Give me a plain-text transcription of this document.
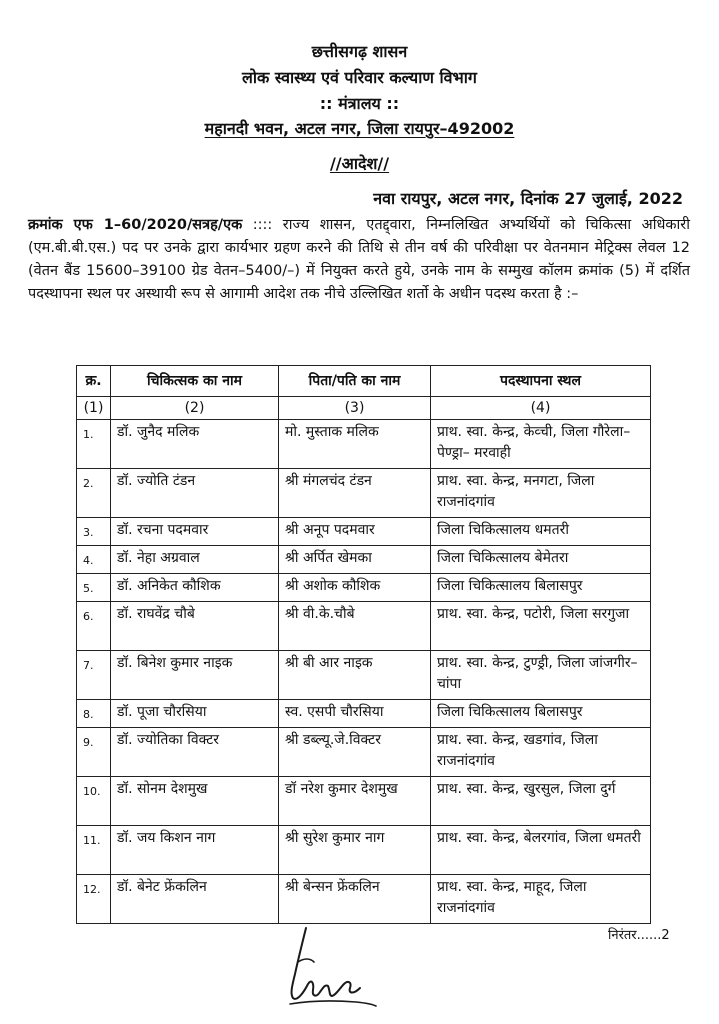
छत्तीसगढ़ शासन
लोक स्वास्थ्य एवं परिवार कल्याण विभाग
:: मंत्रालय ::
महानदी भवन, अटल नगर, जिला रायपुर–492002
//आदेश//
नवा रायपुर, अटल नगर, दिनांक 27 जुलाई, 2022

क्रमांक एफ 1–60/2020/सत्रह/एक :::: राज्य शासन, एतद्द्वारा, निम्नलिखित अभ्यर्थियों को चिकित्सा अधिकारी (एम.बी.बी.एस.) पद पर उनके द्वारा कार्यभार ग्रहण करने की तिथि से तीन वर्ष की परिवीक्षा पर वेतनमान मेट्रिक्स लेवल 12 (वेतन बैंड 15600–39100 ग्रेड वेतन–5400/–) में नियुक्त करते हुये, उनके नाम के सम्मुख कॉलम क्रमांक (5) में दर्शित पदस्थापना स्थल पर अस्थायी रूप से आगामी आदेश तक नीचे उल्लिखित शर्तो के अधीन पदस्थ करता है :–

क्र.	चिकित्सक का नाम	पिता/पति का नाम	पदस्थापना स्थल
(1)	(2)	(3)	(4)
1.	डॉ. जुनैद मलिक	मो. मुस्ताक मलिक	प्राथ. स्वा. केन्द्र, केव्ची, जिला गौरेला–पेण्ड्रा– मरवाही
2.	डॉ. ज्योति टंडन	श्री मंगलचंद टंडन	प्राथ. स्वा. केन्द्र, मनगटा, जिला राजनांदगांव
3.	डॉ. रचना पदमवार	श्री अनूप पदमवार	जिला चिकित्सालय धमतरी
4.	डॉ. नेहा अग्रवाल	श्री अर्पित खेमका	जिला चिकित्सालय बेमेतरा
5.	डॉ. अनिकेत कौशिक	श्री अशोक कौशिक	जिला चिकित्सालय बिलासपुर
6.	डॉ. राघवेंद्र चौबे	श्री वी.के.चौबे	प्राथ. स्वा. केन्द्र, पटोरी, जिला सरगुजा
7.	डॉ. बिनेश कुमार नाइक	श्री बी आर नाइक	प्राथ. स्वा. केन्द्र, टुण्ड्री, जिला जांजगीर–चांपा
8.	डॉ. पूजा चौरसिया	स्व. एसपी चौरसिया	जिला चिकित्सालय बिलासपुर
9.	डॉ. ज्योतिका विक्टर	श्री डब्ल्यू.जे.विक्टर	प्राथ. स्वा. केन्द्र, खडगांव, जिला राजनांदगांव
10.	डॉ. सोनम देशमुख	डॉ नरेश कुमार देशमुख	प्राथ. स्वा. केन्द्र, खुरसुल, जिला दुर्ग
11.	डॉ. जय किशन नाग	श्री सुरेश कुमार नाग	प्राथ. स्वा. केन्द्र, बेलरगांव, जिला धमतरी
12.	डॉ. बेनेट फ्रेंकलिन	श्री बेन्सन फ्रेंकलिन	प्राथ. स्वा. केन्द्र, माहूद, जिला राजनांदगांव
निरंतर......2
